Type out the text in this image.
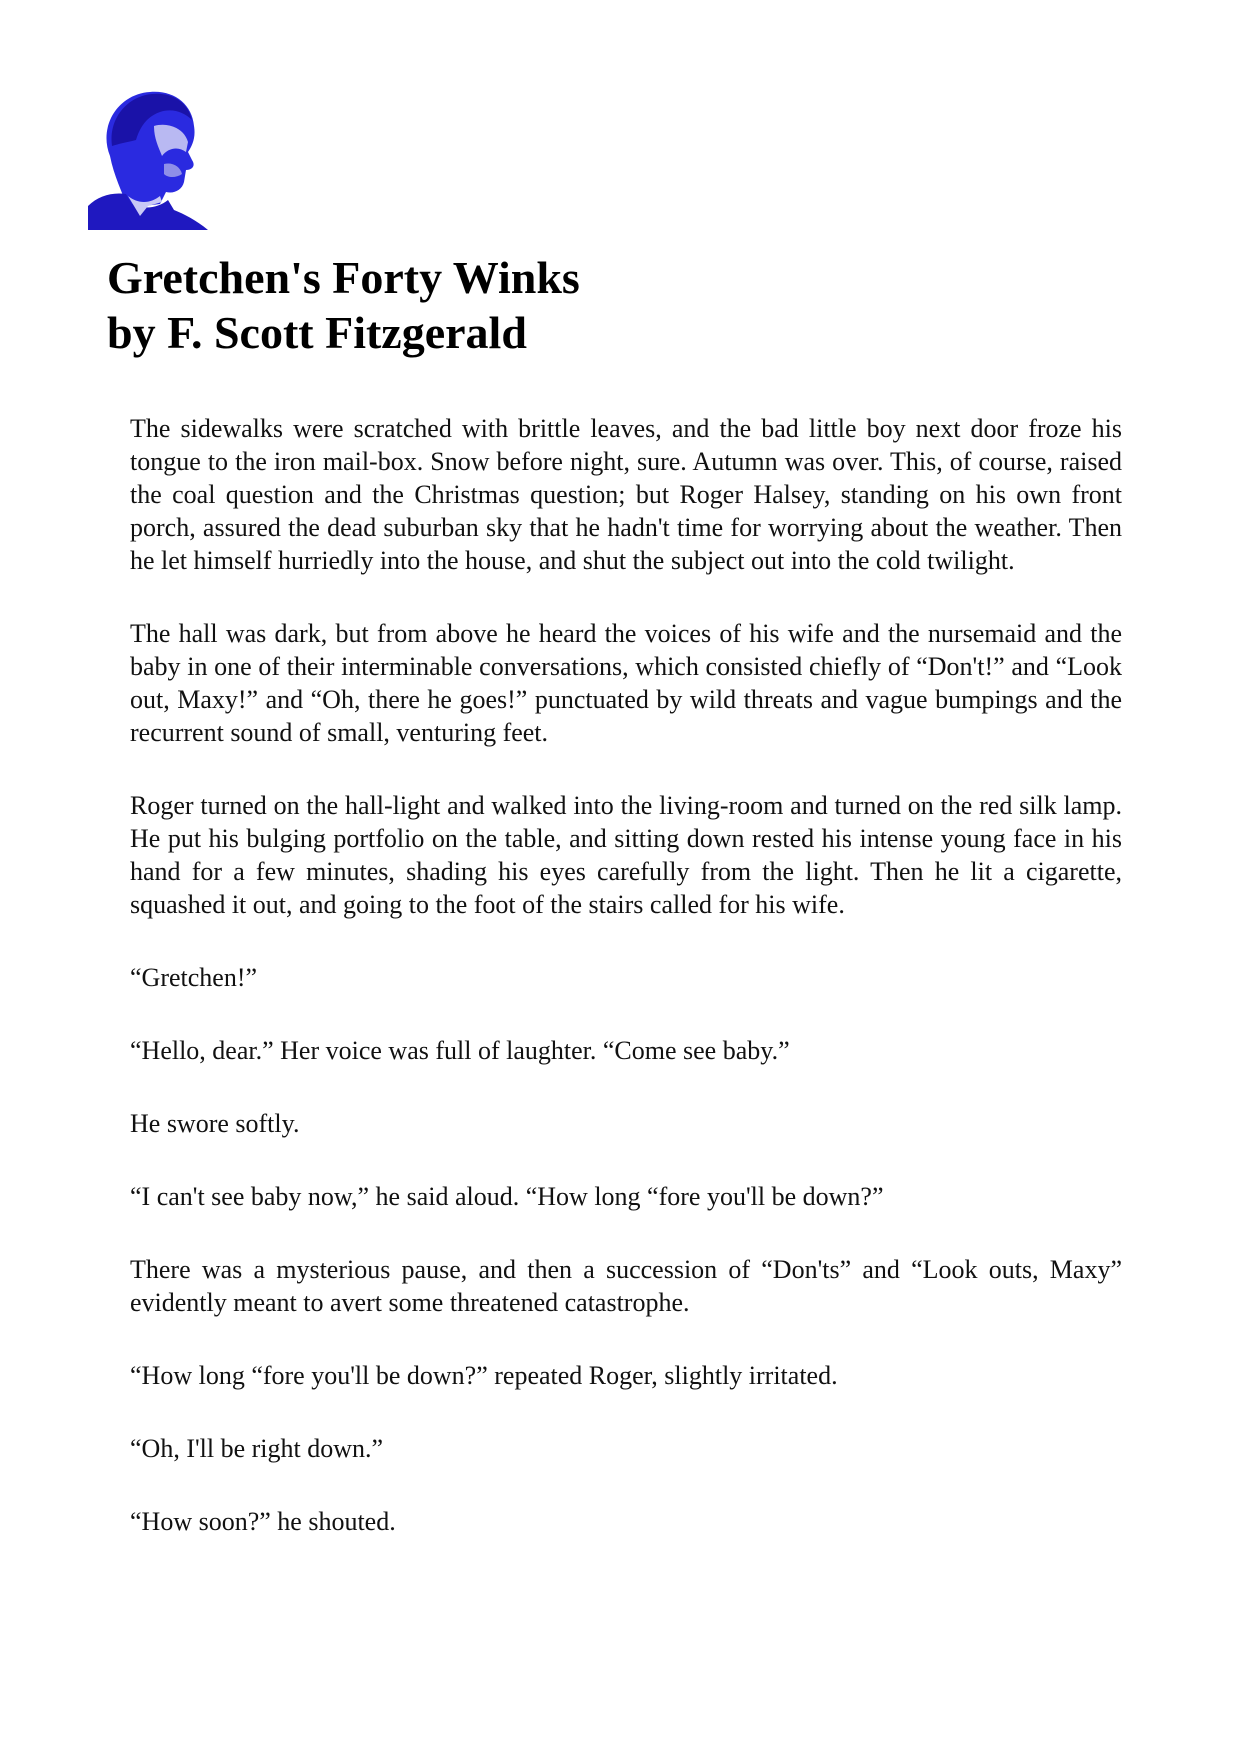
Gretchen's Forty Winks
by F. Scott Fitzgerald

The sidewalks were scratched with brittle leaves, and the bad little boy next door froze his tongue to the iron mail-box. Snow before night, sure. Autumn was over. This, of course, raised the coal question and the Christmas question; but Roger Halsey, standing on his own front porch, assured the dead suburban sky that he hadn't time for worrying about the weather. Then he let himself hurriedly into the house, and shut the subject out into the cold twilight.

The hall was dark, but from above he heard the voices of his wife and the nursemaid and the baby in one of their interminable conversations, which consisted chiefly of “Don't!” and “Look out, Maxy!” and “Oh, there he goes!” punctuated by wild threats and vague bumpings and the recurrent sound of small, venturing feet.

Roger turned on the hall-light and walked into the living-room and turned on the red silk lamp. He put his bulging portfolio on the table, and sitting down rested his intense young face in his hand for a few minutes, shading his eyes carefully from the light. Then he lit a cigarette, squashed it out, and going to the foot of the stairs called for his wife.

“Gretchen!”

“Hello, dear.” Her voice was full of laughter. “Come see baby.”

He swore softly.

“I can't see baby now,” he said aloud. “How long “fore you'll be down?”

There was a mysterious pause, and then a succession of “Don'ts” and “Look outs, Maxy” evidently meant to avert some threatened catastrophe.

“How long “fore you'll be down?” repeated Roger, slightly irritated.

“Oh, I'll be right down.”

“How soon?” he shouted.
